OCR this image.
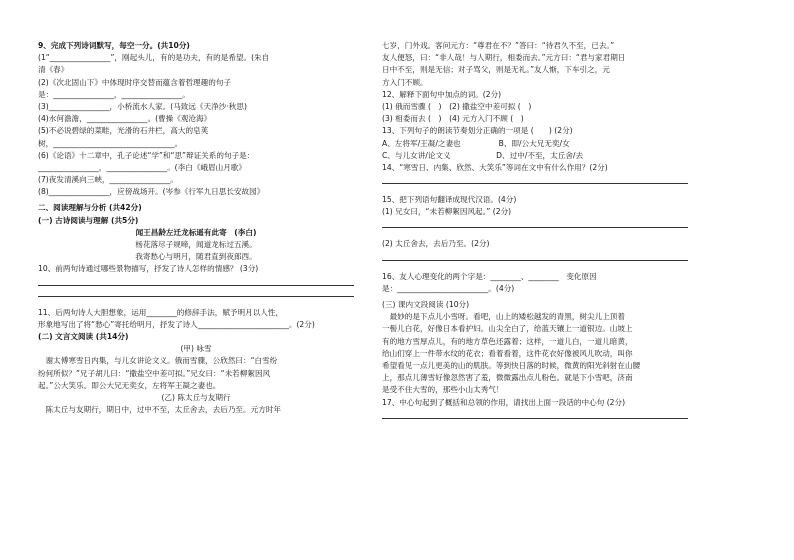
9、完成下列诗词默写，每空一分。(共10分)
(1“________________”，刚起头儿，有的是功夫，有的是希望。(朱自
清《春》
(2)《次北固山下》中体现时序交替而蕴含着哲理趣的句子
是：________________，________________。
(3)________________，小桥流水人家。(马致远《天净沙·秋思)
(4)水何澹澹，________________。(曹操《观沧海》
(5)不必说碧绿的菜畦，光滑的石井栏，高大的皂荚
树，________________________________。
(6)《论语》十二章中，孔子论述“学”和“思”辩证关系的句子是：
________________，________________。(李白《峨眉山月歌》
(7)夜发清溪向三峡，________________。
(8)________________，应傍战场开。(岑参《行军九日思长安故园》
二、阅读理解与分析 (共42分)
(一) 古诗阅读与理解 (共5分)
闻王昌龄左迁龙标遥有此寄　(李白)
杨花落尽子规啼，闻道龙标过五溪。
我寄愁心与明月，随君直到夜郎西。
10、前两句诗通过哪些景物描写，抒发了诗人怎样的情感？ (3分)
11、后两句诗人大胆想象，运用________的修辞手法，赋予明月以人性，
形象地写出了将“愁心”寄托给明月，抒发了诗人________________________。(2分)
(二) 文言文阅读 (共14分)
(甲) 咏雪
　谢太傅寒雪日内集，与儿女讲论文义。俄而雪骤，公欣然曰：“白雪纷
纷何所似？”兄子胡儿曰：“撒盐空中差可拟。”兄女曰：“未若柳絮因风
起。”公大笑乐。即公大兄无奕女，左将军王凝之妻也。
(乙) 陈太丘与友期行
　陈太丘与友期行，期日中，过中不至，太丘舍去，去后乃至。元方时年
七岁，门外戏。客问元方：“尊君在不？”答曰：“待君久不至，已去。”
友人便怒，曰：“非人哉！与人期行，相委而去。”元方曰：“君与家君期日
日中不至，则是无信；对子骂父，则是无礼。”友人惭，下车引之，元
方入门不顾。
12、解释下面句中加点的词。(2分)
(1) 俄而雪骤 (　)　(2) 撒盐空中差可拟 (　)
(3) 相委而去 (　)　(4) 元方入门不顾 (　)
13、下列句子的朗读节奏划分正确的一项是 (　　) (2分)
A、左将军/王凝/之妻也　　　　　B、即/公大兄无奕/女
C、与儿女讲/论文义　　　　　　D、过中/不至，太丘舍/去
14、“寒雪日、内集、欣然、大笑乐”等词在文中有什么作用？(2分)
15、把下列语句翻译成现代汉语。(4分)
(1) 兄女曰，“未若柳絮因风起。” (2分)
(2) 太丘舍去，去后乃至。(2分)
16、友人心理变化的两个字是：________、________　变化原因
是：________________________。(4分)
(三) 课内文段阅读 (10分)
　最妙的是下点儿小雪呀。看吧，山上的矮松越发的青黑，树尖儿上顶着
一髻儿白花，好像日本看护妇。山尖全白了，给蓝天镶上一道银边。山坡上
有的地方雪厚点儿，有的地方草色还露着；这样，一道儿白，一道儿暗黄，
给山们穿上一件带水纹的花衣；看着看着，这件花衣好像被风儿吹动，叫你
希望看见一点儿更美的山的肌肤。等到快日落的时候，微黄的阳光斜射在山腰
上，那点儿薄雪好像忽然害了羞，微微露出点儿粉色。就是下小雪吧，济南
是受不住大雪的，那些小山太秀气！
17、中心句起到了概括和总领的作用，请找出上面一段话的中心句 (2分)
